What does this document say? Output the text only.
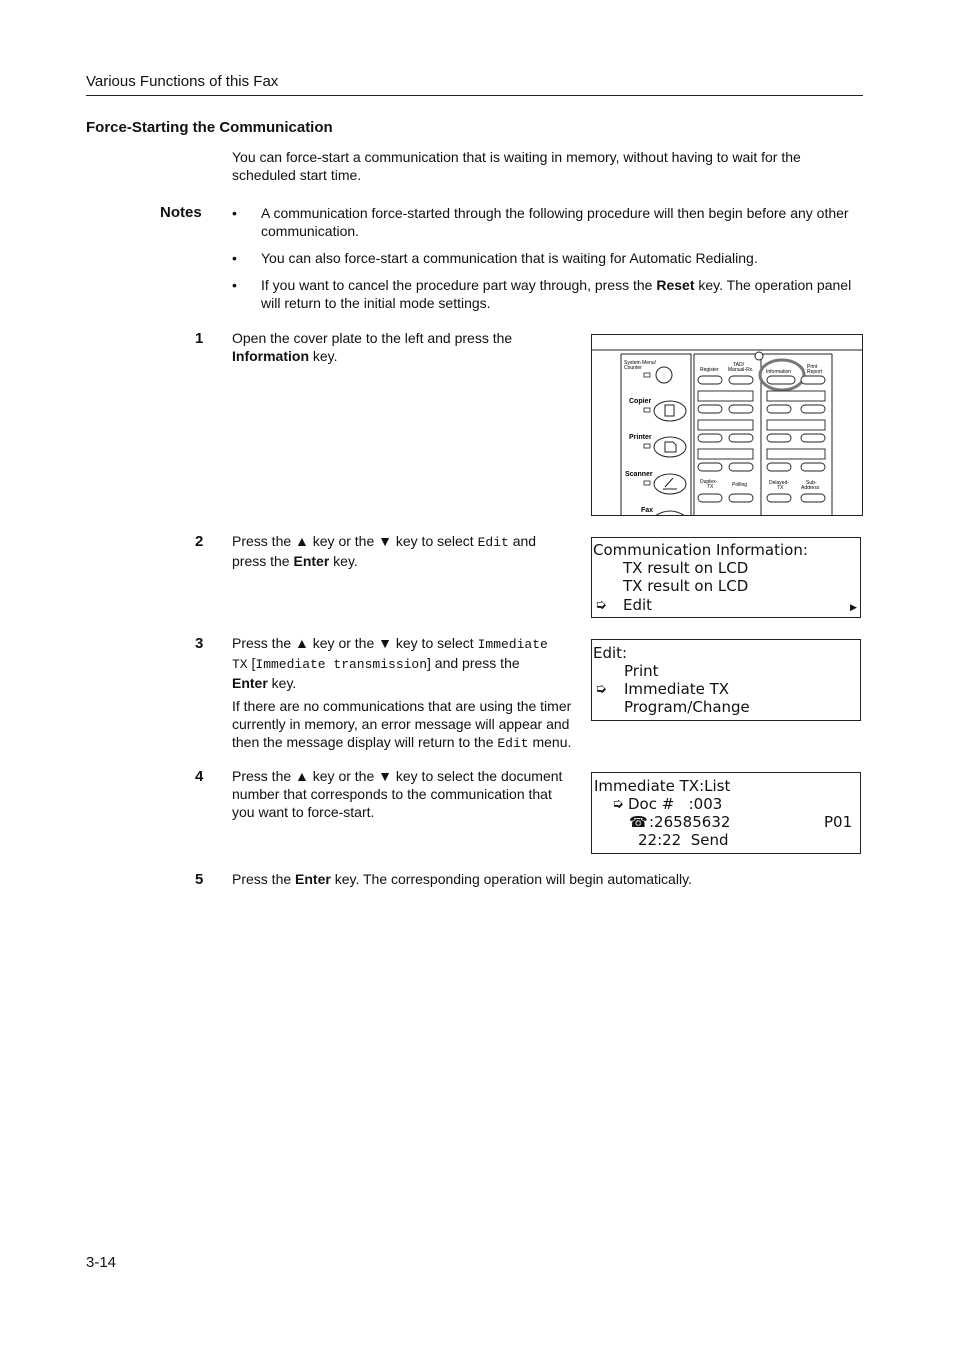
Various Functions of this Fax
Force-Starting the Communication
You can force-start a communication that is waiting in memory, without having to wait for the scheduled start time.
Notes • A communication force-started through the following procedure will then begin before any other
communication.
• You can also force-start a communication that is waiting for Automatic Redialing.
• If you want to cancel the procedure part way through, press the Reset key. The operation panel
will return to the initial mode settings.
1 Open the cover plate to the left and press the
Information key.	System Menu/
Counter
Copier
Printer
Scanner
Fax
Register
TAD/
Manual-Rx. Information
Print
Report
Duplex-
TX	Polling	Delayed-
TX
Sub-
Address
2 Press the ▲ key or the ▼ key to select Edit and
press the Enter key.
Communication Information:
TX result on LCD
TX result on LCD
➭ Edit	▶
3 Press the ▲ key or the ▼ key to select Immediate
TX [Immediate transmission] and press the
Enter key.
If there are no communications that are using the timer
currently in memory, an error message will appear and
then the message display will return to the Edit menu.
Edit:
Print
➭ Immediate TX
Program/Change
4 Press the ▲ key or the ▼ key to select the document
number that corresponds to the communication that
you want to force-start.
Immediate TX:List
➭ Doc #   :003
☎ :26585632	P01
22:22  Send
5 Press the Enter key. The corresponding operation will begin automatically.
3-14
